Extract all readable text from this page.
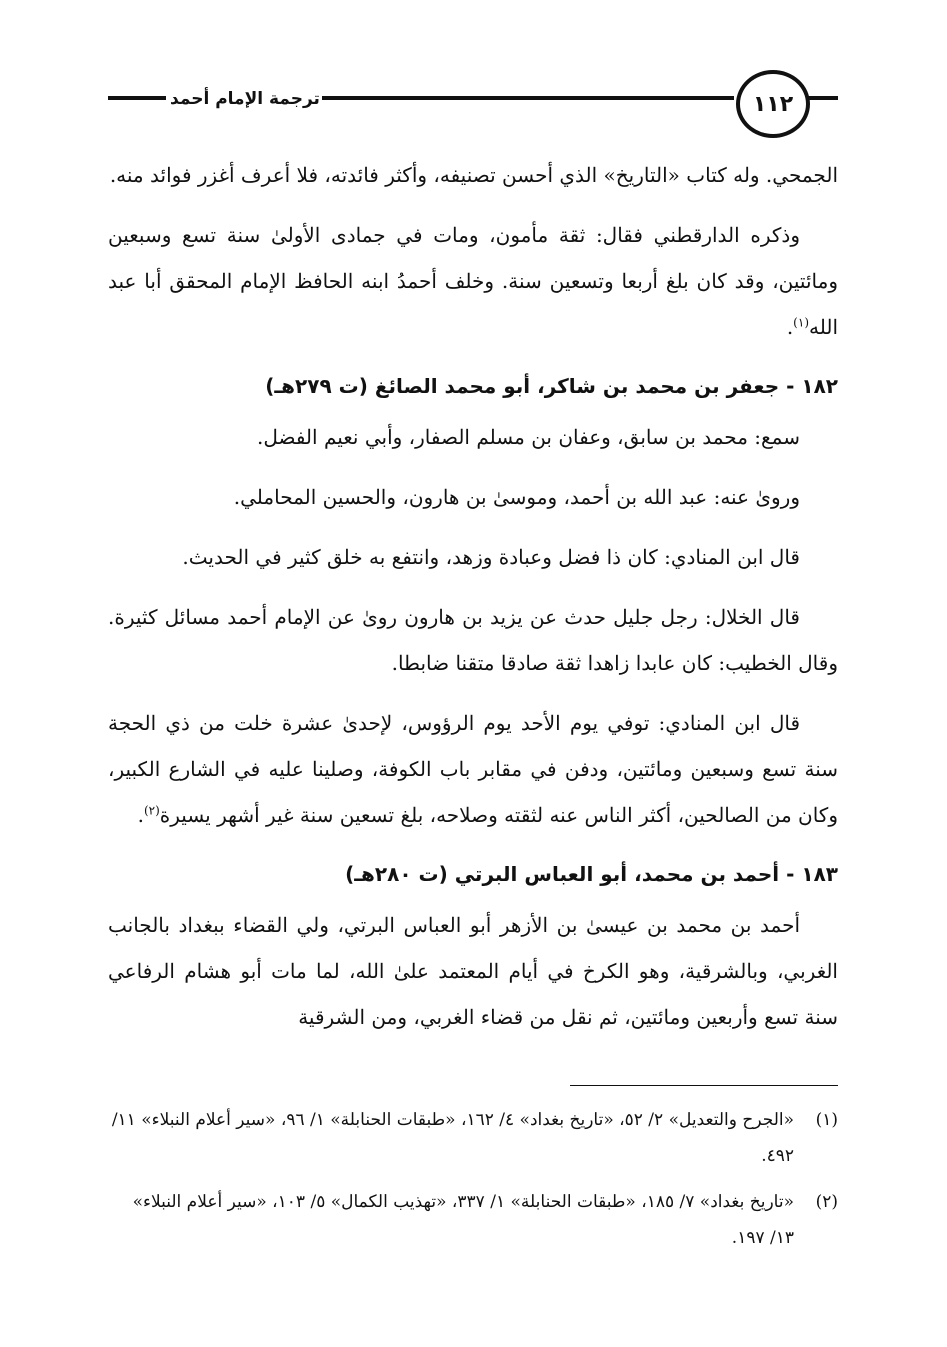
ترجمة الإمام أحمد	١١٢

الجمحي. وله كتاب «التاريخ» الذي أحسن تصنيفه، وأكثر فائدته، فلا أعرف أغزر فوائد منه.

وذكره الدارقطني فقال: ثقة مأمون، ومات في جمادى الأولىٰ سنة تسع وسبعين ومائتين، وقد كان بلغ أربعا وتسعين سنة. وخلف أحمدُ ابنه الحافظ الإمام المحقق أبا عبد الله$^{(١)}$.

١٨٢ - جعفر بن محمد بن شاكر، أبو محمد الصائغ (ت ٢٧٩هـ)

سمع: محمد بن سابق، وعفان بن مسلم الصفار، وأبي نعيم الفضل.

وروىٰ عنه: عبد الله بن أحمد، وموسىٰ بن هارون، والحسين المحاملي.

قال ابن المنادي: كان ذا فضل وعبادة وزهد، وانتفع به خلق كثير في الحديث.

قال الخلال: رجل جليل حدث عن يزيد بن هارون روىٰ عن الإمام أحمد مسائل كثيرة. وقال الخطيب: كان عابدا زاهدا ثقة صادقا متقنا ضابطا.

قال ابن المنادي: توفي يوم الأحد يوم الرؤوس، لإحدىٰ عشرة خلت من ذي الحجة سنة تسع وسبعين ومائتين، ودفن في مقابر باب الكوفة، وصلينا عليه في الشارع الكبير، وكان من الصالحين، أكثر الناس عنه لثقته وصلاحه، بلغ تسعين سنة غير أشهر يسيرة$^{(٢)}$.

١٨٣ - أحمد بن محمد، أبو العباس البرتي (ت ٢٨٠هـ)

أحمد بن محمد بن عيسىٰ بن الأزهر أبو العباس البرتي، ولي القضاء ببغداد بالجانب الغربي، وبالشرقية، وهو الكرخ في أيام المعتمد علىٰ الله، لما مات أبو هشام الرفاعي سنة تسع وأربعين ومائتين، ثم نقل من قضاء الغربي، ومن الشرقية

(١)
«الجرح والتعديل» ٢/ ٥٢، «تاريخ بغداد» ٤/ ١٦٢، «طبقات الحنابلة» ١/ ٩٦، «سير أعلام النبلاء» ١١/ ٤٩٢.
(٢)
«تاريخ بغداد» ٧/ ١٨٥، «طبقات الحنابلة» ١/ ٣٣٧، «تهذيب الكمال» ٥/ ١٠٣، «سير أعلام النبلاء» ١٣/ ١٩٧.
